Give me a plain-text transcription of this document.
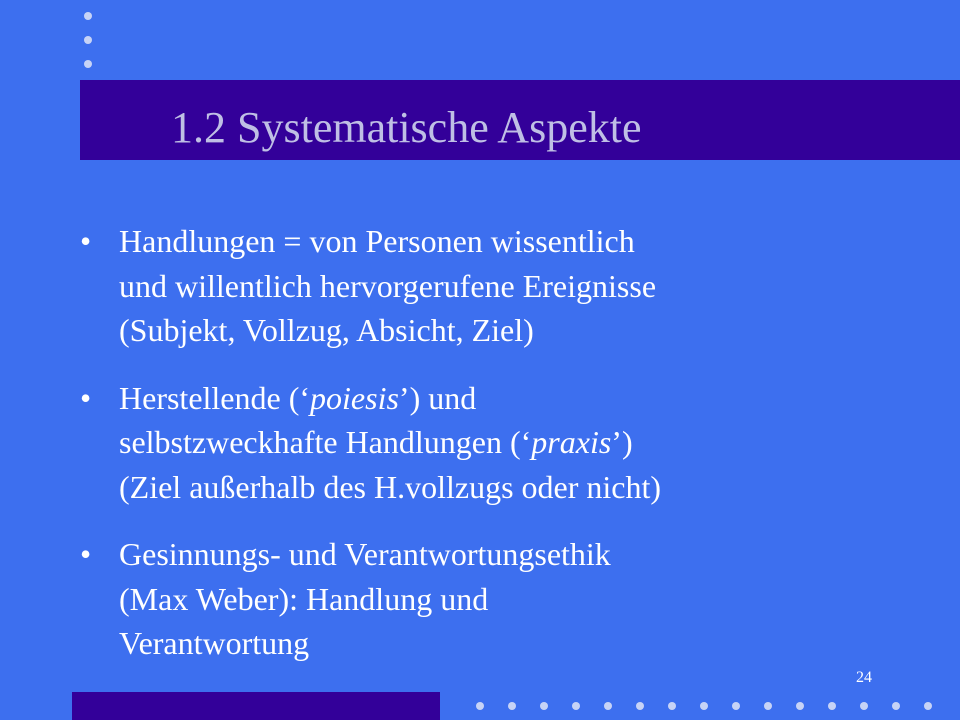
1.2 Systematische Aspekte
• Handlungen = von Personen wissentlich
und willentlich hervorgerufene Ereignisse
(Subjekt, Vollzug, Absicht, Ziel)
• Herstellende (‘poiesis’) und
selbstzweckhafte Handlungen (‘praxis’)
(Ziel außerhalb des H.vollzugs oder nicht)
• Gesinnungs- und Verantwortungsethik
(Max Weber): Handlung und
Verantwortung
24
